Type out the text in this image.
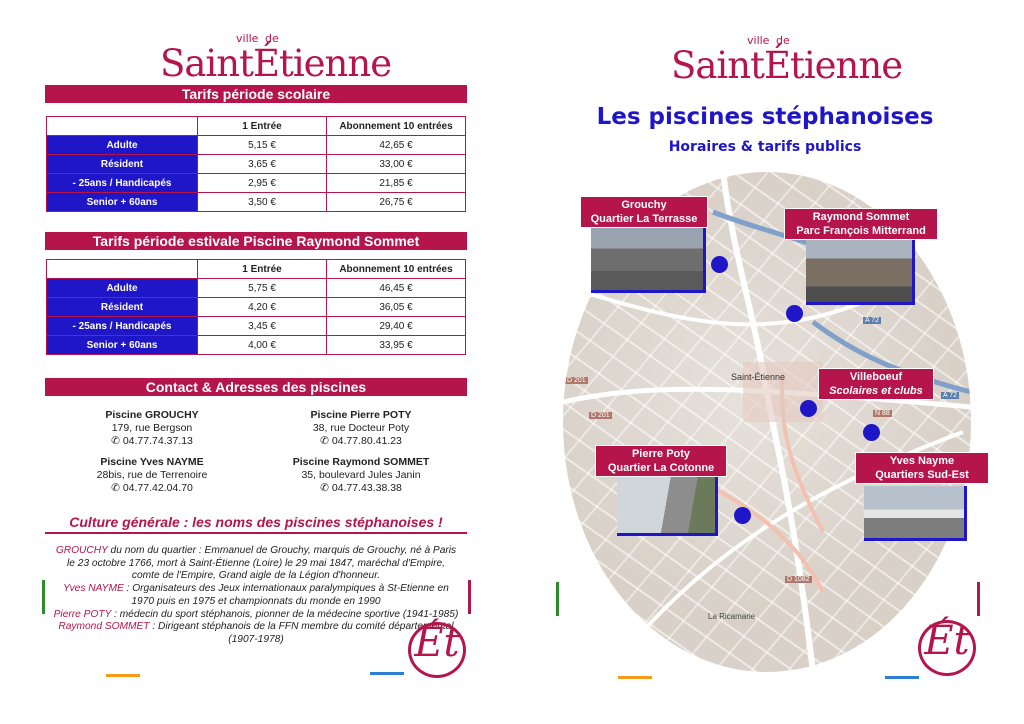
ville de
SaintÉtienne
Tarifs période scolaire
	1 Entrée	Abonnement 10 entrées
Adulte	5,15 €	42,65 €
Résident	3,65 €	33,00 €
- 25ans / Handicapés	2,95 €	21,85 €
Senior + 60ans	3,50 €	26,75 €
Tarifs période estivale Piscine Raymond Sommet
	1 Entrée	Abonnement 10 entrées
Adulte	5,75 €	46,45 €
Résident	4,20 €	36,05 €
- 25ans / Handicapés	3,45 €	29,40 €
Senior + 60ans	4,00 €	33,95 €
Contact & Adresses des piscines
Piscine GROUCHY
179, rue Bergson
✆ 04.77.74.37.13
Piscine Pierre POTY
38, rue Docteur Poty
✆ 04.77.80.41.23
Piscine Yves NAYME
28bis, rue de Terrenoire
✆ 04.77.42.04.70
Piscine Raymond SOMMET
35, boulevard Jules Janin
✆ 04.77.43.38.38
Culture générale : les noms des piscines stéphanoises !
GROUCHY du nom du quartier : Emmanuel de Grouchy, marquis de Grouchy, né à Paris le 23 octobre 1766, mort à Saint-Étienne (Loire) le 29 mai 1847, maréchal d'Empire, comte de l'Empire, Grand aigle de la Légion d'honneur.
Yves NAYME : Organisateurs des Jeux internationaux paralympiques à St-Etienne en 1970 puis en 1975 et championnats du monde en 1990
Pierre POTY : médecin du sport stéphanois, pionner de la médecine sportive (1941-1985)
Raymond SOMMET : Dirigeant stéphanois de la FFN membre du comité départemental (1907-1978)	Ét
ville de
SaintÉtienne
Les piscines stéphanoises
Horaires & tarifs publics
Saint-Étienne
D 201
D 201
A 72
A 72
N 88
D 1082
La Ricamarie
Grouchy
Quartier La Terrasse	Raymond Sommet
Parc François Mitterrand
Villeboeuf
Scolaires et clubs
Pierre Poty
Quartier La Cotonne
Yves Nayme
Quartiers Sud-Est
Ét
